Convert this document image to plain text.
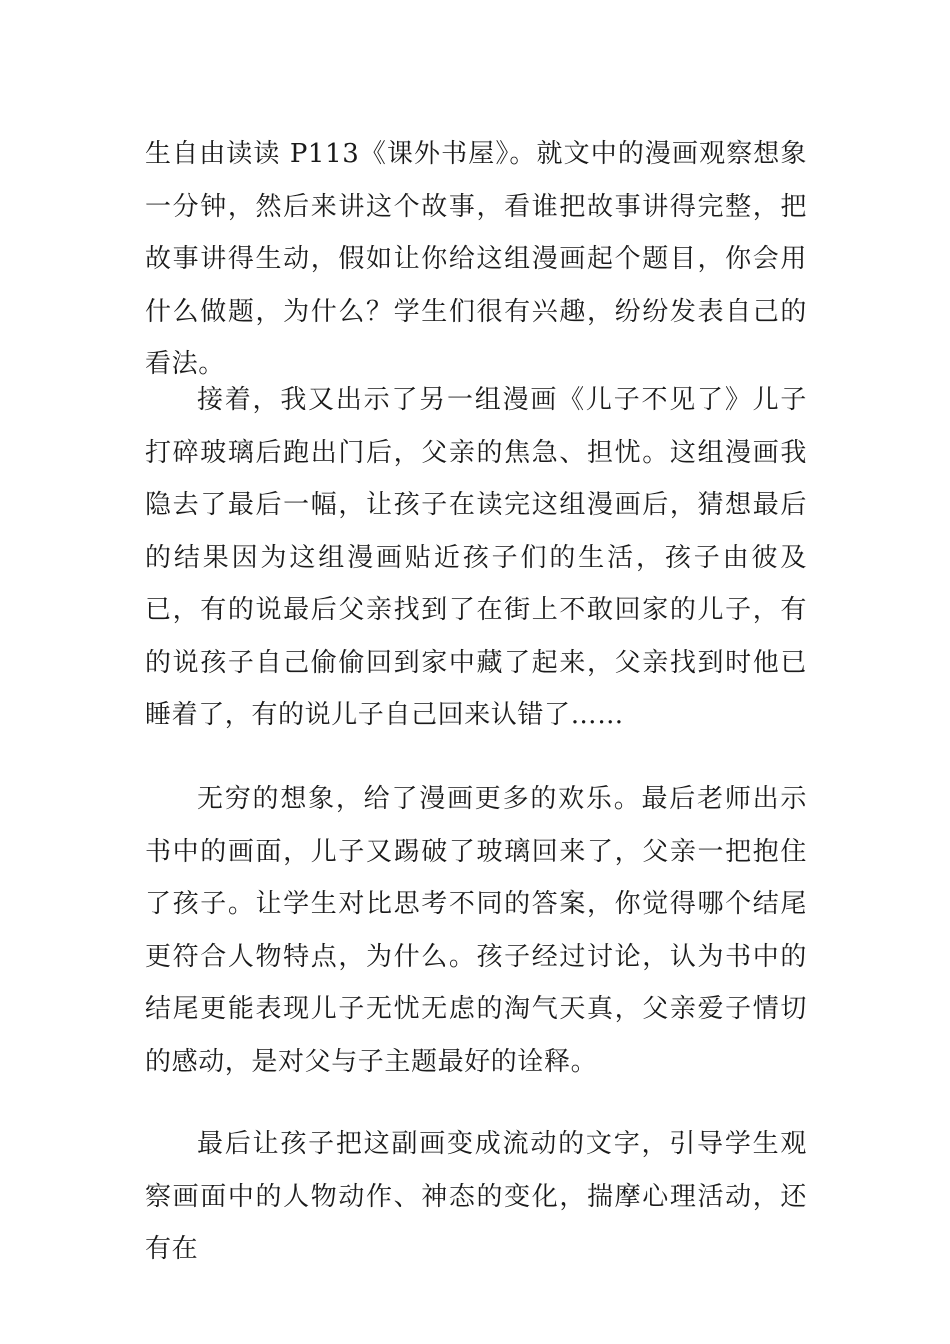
生自由读读 P113《课外书屋》。就文中的漫画观察想象一分钟，然后来讲这个故事，看谁把故事讲得完整，把故事讲得生动，假如让你给这组漫画起个题目，你会用什么做题，为什么？学生们很有兴趣，纷纷发表自己的看法。

接着，我又出示了另一组漫画《儿子不见了》儿子打碎玻璃后跑出门后，父亲的焦急、担忧。这组漫画我隐去了最后一幅，让孩子在读完这组漫画后，猜想最后的结果因为这组漫画贴近孩子们的生活，孩子由彼及已，有的说最后父亲找到了在街上不敢回家的儿子，有的说孩子自己偷偷回到家中藏了起来，父亲找到时他已睡着了，有的说儿子自己回来认错了……

无穷的想象，给了漫画更多的欢乐。最后老师出示书中的画面，儿子又踢破了玻璃回来了，父亲一把抱住了孩子。让学生对比思考不同的答案，你觉得哪个结尾更符合人物特点，为什么。孩子经过讨论，认为书中的结尾更能表现儿子无忧无虑的淘气天真，父亲爱子情切的感动，是对父与子主题最好的诠释。

最后让孩子把这副画变成流动的文字，引导学生观察画面中的人物动作、神态的变化，揣摩心理活动，还有在
